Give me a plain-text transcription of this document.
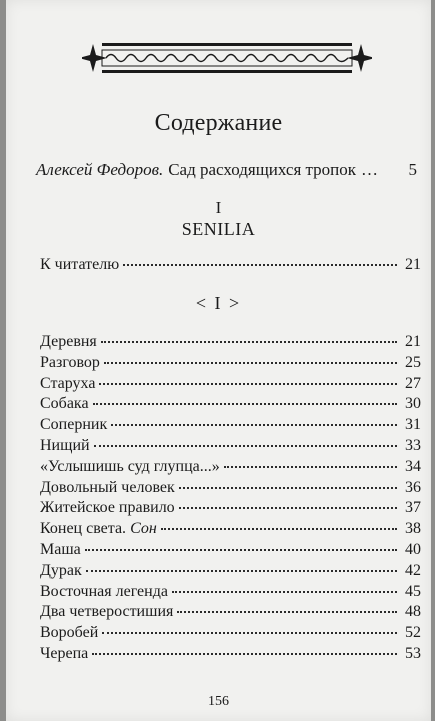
Содержание
Алексей Федоров. Сад расходящихся тропок … 5
I
SENILIA
К читателю	21
< I >
Деревня	21
Разговор	25
Старуха	27
Собака	30
Соперник	31
Нищий	33
«Услышишь суд глупца...»	34
Довольный человек	36
Житейское правило	37
Конец света. Сон	38
Маша	40
Дурак	42
Восточная легенда	45
Два четверостишия	48
Воробей	52
Черепа	53
156
